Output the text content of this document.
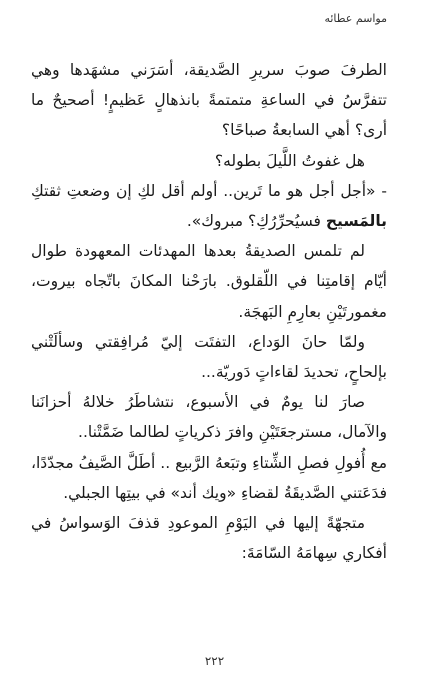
مواسم عطائه

الطرفَ صوبَ سريرِ الصَّديقة، أسَرَني مشهَدها وهي تتفرَّسُ في الساعةِ متمتمةً بانذهالٍ عَظيمٍ! أصحيحٌ ما أرى؟ أهي السابعةُ صباحًا؟

هل غفوتُ اللَّيلَ بطوله؟

- «أجل أجل هو ما تَرين.. أولم أقل لكِ إن وضعتِ ثقتكِ بالمَسيح فسيُحرِّرُكِ؟ مبروك».

لم تلمس الصديقةُ بعدها المهدئات المعهودة طوال أيّام إقامتِنا في اللّقلوق. بارَحْنا المكانَ باتّجاه بيروت، مغمورتَيْنِ بعارِمِ البَهجَة.

ولمّا حانَ الوَداع، التفتَت إليّ مُرافِقتي وسألَتْني بإلحاحٍ، تحديدَ لقاءاتٍ دَوريّة...

صارَ لنا يومٌ في الأسبوع، نتشاطَرُ خلالهُ أحزانَنا والآمال، مسترجعَتَيْنِ وافرَ ذكرياتٍ لطالما ضَمَّتْنا..

مع أُفولِ فصلِ الشِّتاءِ وتبَعهُ الرَّبيع .. أطَلَّ الصَّيفُ مجدّدًا، فدَعَتني الصَّديقَةُ لقضاءِ «ويك أند» في بيتِها الجبلي.

متجهّةً إليها في اليَوْمِ الموعودِ قذفَ الوَسواسُ في أفكاري سِهامَهُ السّامَةَ:

٢٢٢
